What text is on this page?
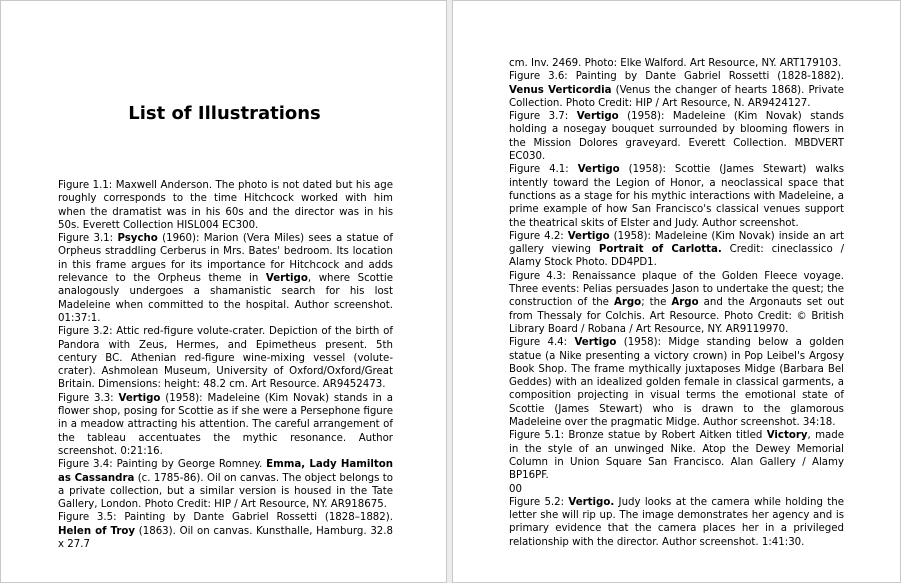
List of Illustrations

Figure 1.1: Maxwell Anderson. The photo is not dated but his age roughly corresponds to the time Hitchcock worked with him when the dramatist was in his 60s and the director was in his 50s. Everett Collection HISL004 EC300.

Figure 3.1: Psycho (1960): Marion (Vera Miles) sees a statue of Orpheus straddling Cerberus in Mrs. Bates' bedroom. Its location in this frame argues for its importance for Hitchcock and adds relevance to the Orpheus theme in Vertigo, where Scottie analogously undergoes a shamanistic search for his lost Madeleine when committed to the hospital. Author screenshot. 01:37:1.

Figure 3.2: Attic red-figure volute-crater. Depiction of the birth of Pandora with Zeus, Hermes, and Epimetheus present. 5th century BC. Athenian red-figure wine-mixing vessel (volute-crater). Ashmolean Museum, University of Oxford/Oxford/Great Britain. Dimensions: height: 48.2 cm. Art Resource. AR9452473.

Figure 3.3: Vertigo (1958): Madeleine (Kim Novak) stands in a flower shop, posing for Scottie as if she were a Persephone figure in a meadow attracting his attention. The careful arrangement of the tableau accentuates the mythic resonance. Author screenshot. 0:21:16.

Figure 3.4: Painting by George Romney. Emma, Lady Hamilton as Cassandra (c. 1785-86). Oil on canvas. The object belongs to a private collection, but a similar version is housed in the Tate Gallery, London. Photo Credit: HIP / Art Resource, NY. AR918675.

Figure 3.5: Painting by Dante Gabriel Rossetti (1828–1882). Helen of Troy (1863). Oil on canvas. Kunsthalle, Hamburg. 32.8 x 27.7

cm. Inv. 2469. Photo: Elke Walford. Art Resource, NY. ART179103.

Figure 3.6: Painting by Dante Gabriel Rossetti (1828-1882). Venus Verticordia (Venus the changer of hearts 1868). Private Collection. Photo Credit: HIP / Art Resource, N. AR9424127.

Figure 3.7: Vertigo (1958): Madeleine (Kim Novak) stands holding a nosegay bouquet surrounded by blooming flowers in the Mission Dolores graveyard. Everett Collection. MBDVERT EC030.

Figure 4.1: Vertigo (1958): Scottie (James Stewart) walks intently toward the Legion of Honor, a neoclassical space that functions as a stage for his mythic interactions with Madeleine, a prime example of how San Francisco's classical venues support the theatrical skits of Elster and Judy. Author screenshot.

Figure 4.2: Vertigo (1958): Madeleine (Kim Novak) inside an art gallery viewing Portrait of Carlotta. Credit: cineclassico / Alamy Stock Photo. DD4PD1.

Figure 4.3: Renaissance plaque of the Golden Fleece voyage. Three events: Pelias persuades Jason to undertake the quest; the construction of the Argo; the Argo and the Argonauts set out from Thessaly for Colchis. Art Resource. Photo Credit: © British Library Board / Robana / Art Resource, NY. AR9119970.

Figure 4.4: Vertigo (1958): Midge standing below a golden statue (a Nike presenting a victory crown) in Pop Leibel's Argosy Book Shop. The frame mythically juxtaposes Midge (Barbara Bel Geddes) with an idealized golden female in classical garments, a composition projecting in visual terms the emotional state of Scottie (James Stewart) who is drawn to the glamorous Madeleine over the pragmatic Midge. Author screenshot. 34:18.

Figure 5.1: Bronze statue by Robert Aitken titled Victory, made in the style of an unwinged Nike. Atop the Dewey Memorial Column in Union Square San Francisco. Alan Gallery / Alamy BP16PF.

00

Figure 5.2: Vertigo. Judy looks at the camera while holding the letter she will rip up. The image demonstrates her agency and is primary evidence that the camera places her in a privileged relationship with the director. Author screenshot. 1:41:30.
